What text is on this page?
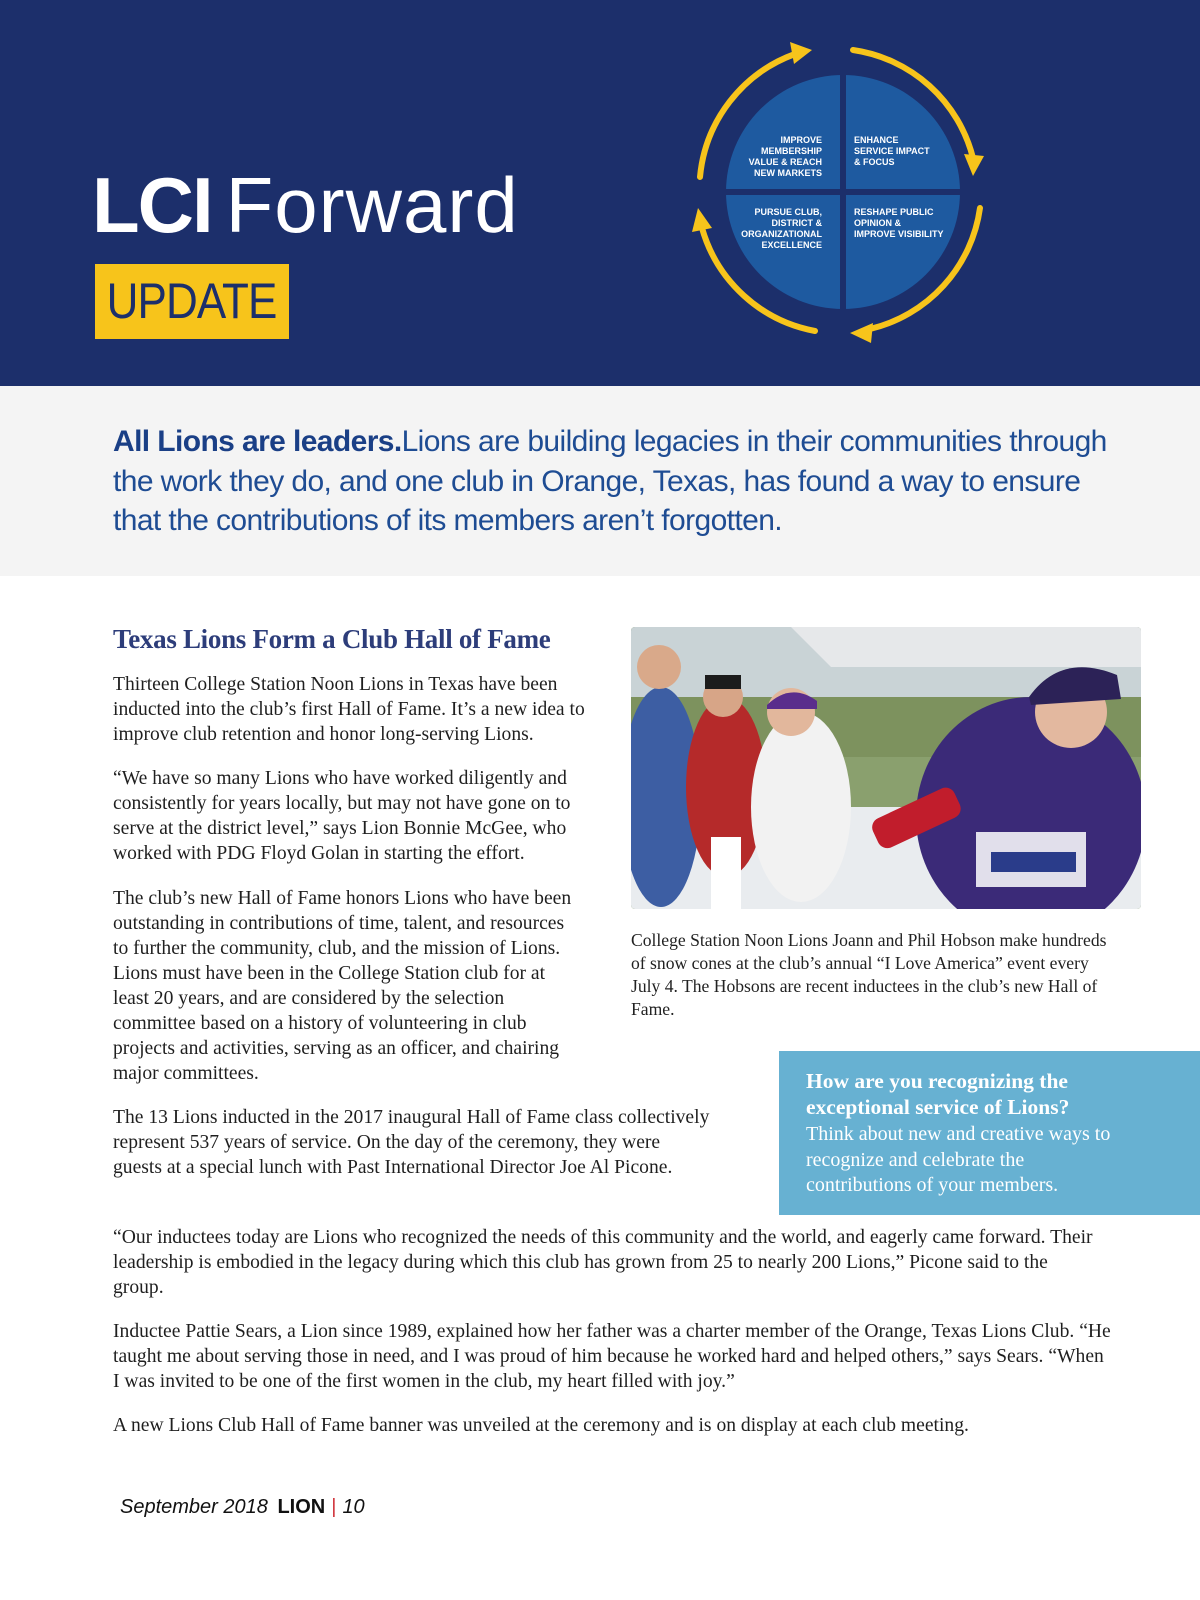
LCI Forward
UPDATE
IMPROVE MEMBERSHIP VALUE & REACH NEW MARKETS
ENHANCE SERVICE IMPACT & FOCUS
PURSUE CLUB, DISTRICT & ORGANIZATIONAL EXCELLENCE
RESHAPE PUBLIC OPINION & IMPROVE VISIBILITY
All Lions are leaders.Lions are building legacies in their communities through the work they do, and one club in Orange, Texas, has found a way to ensure that the contributions of its members aren’t forgotten.
Texas Lions Form a Club Hall of Fame

Thirteen College Station Noon Lions in Texas have been inducted into the club’s first Hall of Fame. It’s a new idea to improve club retention and honor long-serving Lions.

“We have so many Lions who have worked diligently and consistently for years locally, but may not have gone on to serve at the district level,” says Lion Bonnie McGee, who worked with PDG Floyd Golan in starting the effort.

The club’s new Hall of Fame honors Lions who have been outstanding in contributions of time, talent, and resources to further the community, club, and the mission of Lions. Lions must have been in the College Station club for at least 20 years, and are considered by the selection committee based on a history of volunteering in club projects and activities, serving as an officer, and chairing major committees.

The 13 Lions inducted in the 2017 inaugural Hall of Fame class collectively represent 537 years of service. On the day of the ceremony, they were guests at a special lunch with Past International Director Joe Al Picone.

“Our inductees today are Lions who recognized the needs of this community and the world, and eagerly came forward. Their leadership is embodied in the legacy during which this club has grown from 25 to nearly 200 Lions,” Picone said to the group.

Inductee Pattie Sears, a Lion since 1989, explained how her father was a charter member of the Orange, Texas Lions Club. “He taught me about serving those in need, and I was proud of him because he worked hard and helped others,” says Sears. “When I was invited to be one of the first women in the club, my heart filled with joy.”

A new Lions Club Hall of Fame banner was unveiled at the ceremony and is on display at each club meeting.

College Station Noon Lions Joann and Phil Hobson make hundreds of snow cones at the club’s annual “I Love America” event every July 4. The Hobsons are recent inductees in the club’s new Hall of Fame.

How are you recognizing the exceptional service of Lions?
Think about new and creative ways to recognize and celebrate the contributions of your members.
September 2018 LION | 10
